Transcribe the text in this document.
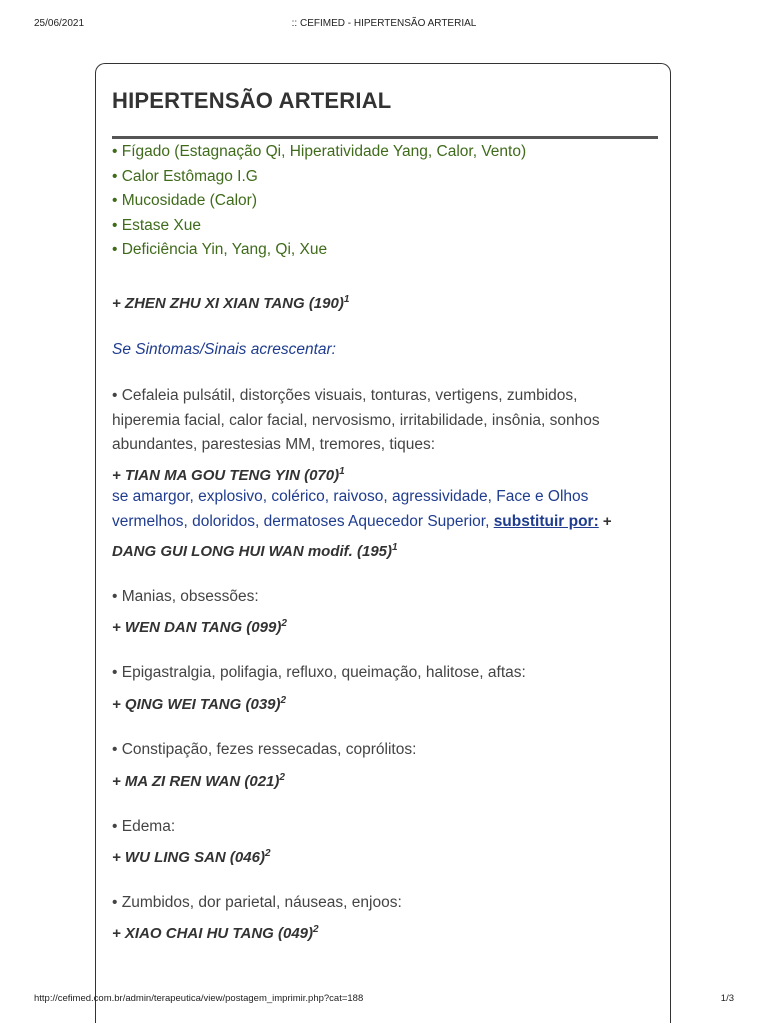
25/06/2021	:: CEFIMED - HIPERTENSÃO ARTERIAL
HIPERTENSÃO ARTERIAL
• Fígado (Estagnação Qi, Hiperatividade Yang, Calor, Vento)
• Calor Estômago I.G
• Mucosidade (Calor)
• Estase Xue
• Deficiência Yin, Yang, Qi, Xue
+ ZHEN ZHU XI XIAN TANG $(190)^1$
Se Sintomas/Sinais acrescentar:
• Cefaleia pulsátil, distorções visuais, tonturas, vertigens, zumbidos,
hiperemia facial, calor facial, nervosismo, irritabilidade, insônia, sonhos
abundantes, parestesias MM, tremores, tiques:
+ TIAN MA GOU TENG YIN $(070)^1$
se amargor, explosivo, colérico, raivoso, agressividade, Face e Olhos
vermelhos, doloridos, dermatoses Aquecedor Superior, substituir por: +
DANG GUI LONG HUI WAN modif. $(195)^1$
• Manias, obsessões:
+ WEN DAN TANG $(099)^2$
• Epigastralgia, polifagia, refluxo, queimação, halitose, aftas:
+ QING WEI TANG $(039)^2$
• Constipação, fezes ressecadas, coprólitos:
+ MA ZI REN WAN $(021)^2$
• Edema:
+ WU LING SAN $(046)^2$
• Zumbidos, dor parietal, náuseas, enjoos:
+ XIAO CHAI HU TANG $(049)^2$
http://cefimed.com.br/admin/terapeutica/view/postagem_imprimir.php?cat=188	1/3
